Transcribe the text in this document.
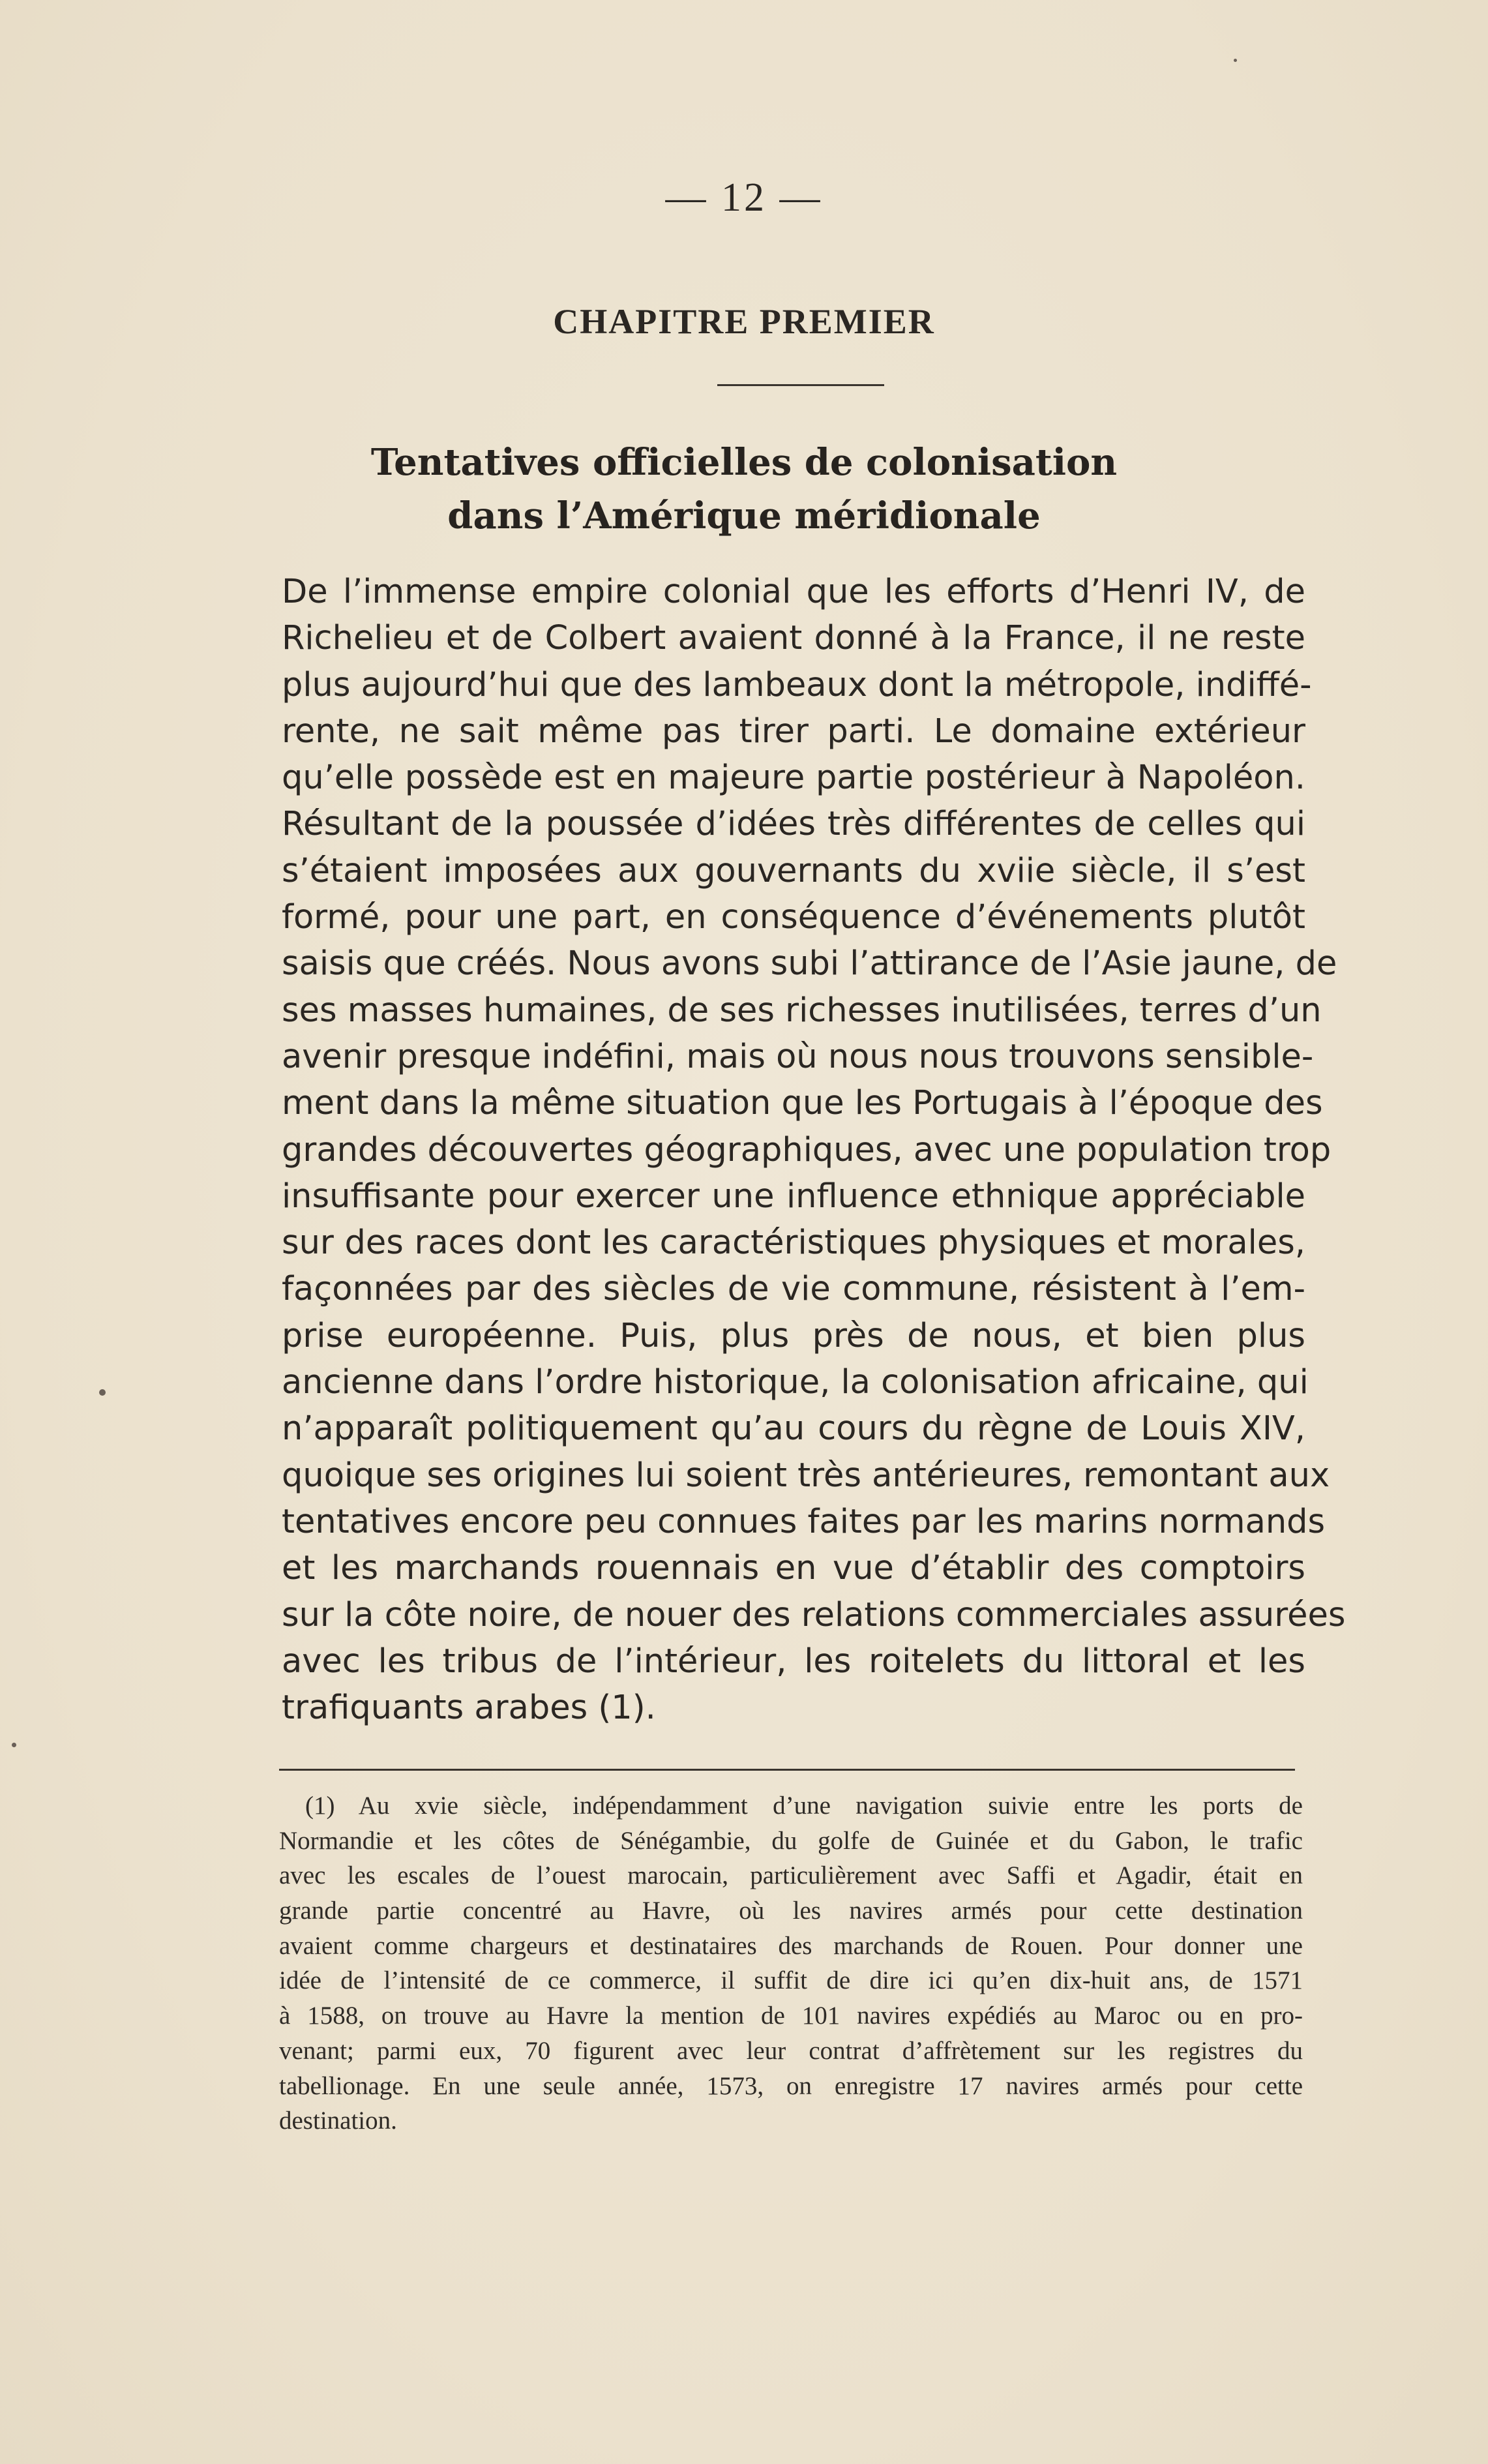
— 12 —
CHAPITRE PREMIER
Tentatives officielles de colonisation
dans l’Amérique méridionale
De l’immense empire colonial que les efforts d’Henri IV, de
Richelieu et de Colbert avaient donné à la France, il ne reste
plus aujourd’hui que des lambeaux dont la métropole, indiffé-
rente, ne sait même pas tirer parti. Le domaine extérieur
qu’elle possède est en majeure partie postérieur à Napoléon.
Résultant de la poussée d’idées très différentes de celles qui
s’étaient imposées aux gouvernants du xviie siècle, il s’est
formé, pour une part, en conséquence d’événements plutôt
saisis que créés. Nous avons subi l’attirance de l’Asie jaune, de
ses masses humaines, de ses richesses inutilisées, terres d’un
avenir presque indéfini, mais où nous nous trouvons sensible-
ment dans la même situation que les Portugais à l’époque des
grandes découvertes géographiques, avec une population trop
insuffisante pour exercer une influence ethnique appréciable
sur des races dont les caractéristiques physiques et morales,
façonnées par des siècles de vie commune, résistent à l’em-
prise européenne. Puis, plus près de nous, et bien plus
ancienne dans l’ordre historique, la colonisation africaine, qui
n’apparaît politiquement qu’au cours du règne de Louis XIV,
quoique ses origines lui soient très antérieures, remontant aux
tentatives encore peu connues faites par les marins normands
et les marchands rouennais en vue d’établir des comptoirs
sur la côte noire, de nouer des relations commerciales assurées
avec les tribus de l’intérieur, les roitelets du littoral et les
trafiquants arabes (1).
(1) Au xvie siècle, indépendamment d’une navigation suivie entre les ports de
Normandie et les côtes de Sénégambie, du golfe de Guinée et du Gabon, le trafic
avec les escales de l’ouest marocain, particulièrement avec Saffi et Agadir, était en
grande partie concentré au Havre, où les navires armés pour cette destination
avaient comme chargeurs et destinataires des marchands de Rouen. Pour donner une
idée de l’intensité de ce commerce, il suffit de dire ici qu’en dix-huit ans, de 1571
à 1588, on trouve au Havre la mention de 101 navires expédiés au Maroc ou en pro-
venant; parmi eux, 70 figurent avec leur contrat d’affrètement sur les registres du
tabellionage. En une seule année, 1573, on enregistre 17 navires armés pour cette
destination.
